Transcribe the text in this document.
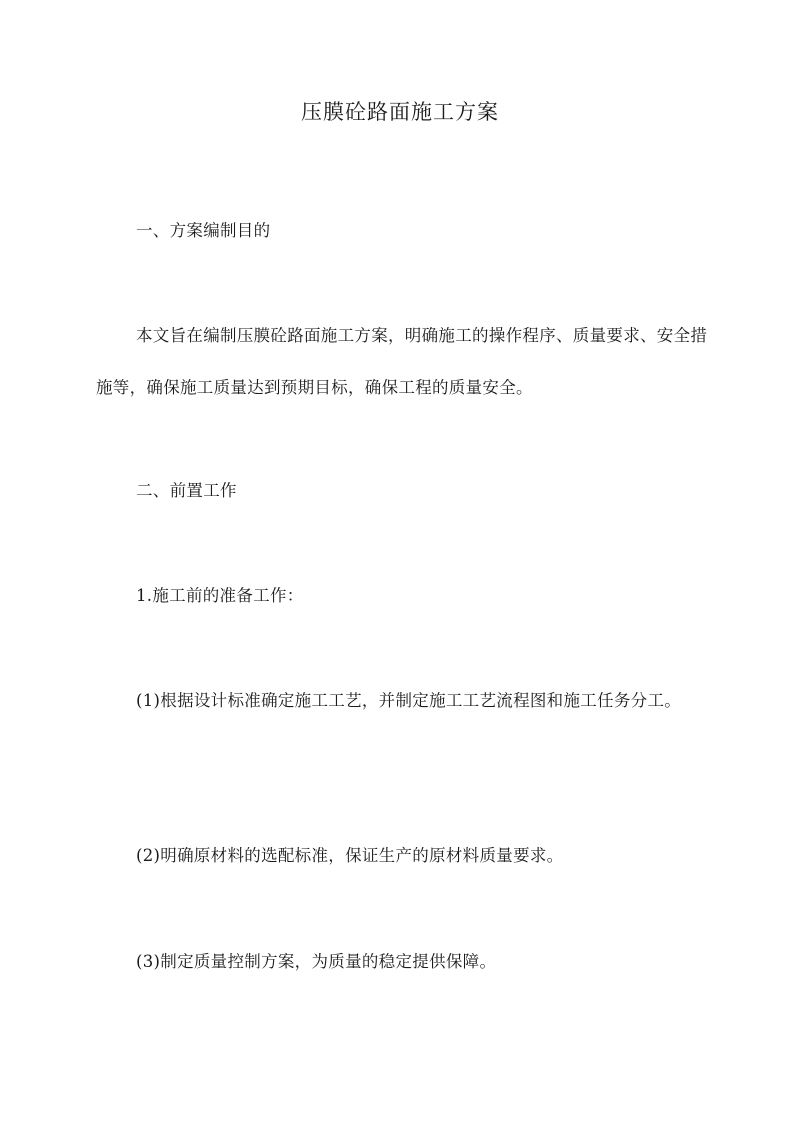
压膜砼路面施工方案
一、方案编制目的
本文旨在编制压膜砼路面施工方案，明确施工的操作程序、质量要求、安全措施等，确保施工质量达到预期目标，确保工程的质量安全。
二、前置工作
1.施工前的准备工作：
(1)根据设计标准确定施工工艺，并制定施工工艺流程图和施工任务分工。
(2)明确原材料的选配标准，保证生产的原材料质量要求。
(3)制定质量控制方案，为质量的稳定提供保障。
